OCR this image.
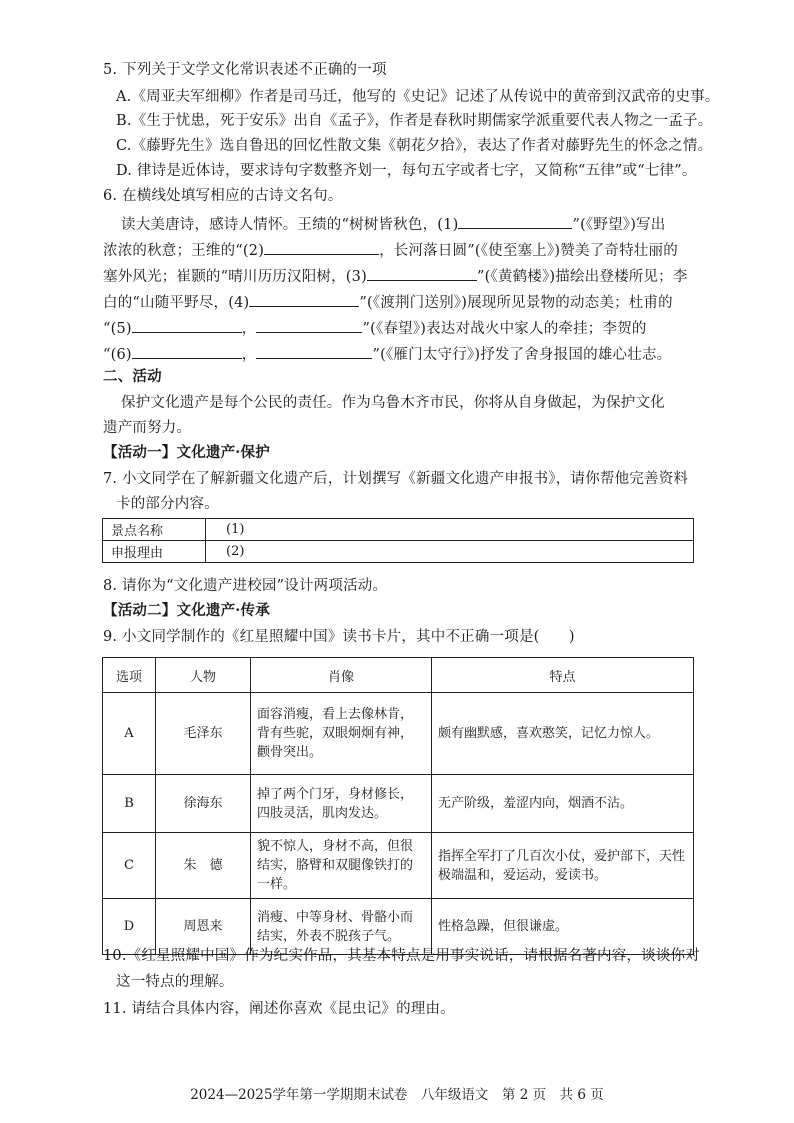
5. 下列关于文学文化常识表述不正确的一项
A.《周亚夫军细柳》作者是司马迁，他写的《史记》记述了从传说中的黄帝到汉武帝的史事。
B.《生于忧患，死于安乐》出自《孟子》，作者是春秋时期儒家学派重要代表人物之一孟子。
C.《藤野先生》选自鲁迅的回忆性散文集《朝花夕拾》，表达了作者对藤野先生的怀念之情。
D. 律诗是近体诗，要求诗句字数整齐划一，每句五字或者七字，又简称“五律”或“七律”。
6. 在横线处填写相应的古诗文名句。
读大美唐诗，感诗人情怀。王绩的“树树皆秋色，(1)	”(《野望》)写出
浓浓的秋意；王维的“(2)	，长河落日圆”(《使至塞上》)赞美了奇特壮丽的
塞外风光；崔颢的“晴川历历汉阳树，(3)	”(《黄鹤楼》)描绘出登楼所见；李
白的“山随平野尽，(4)	”(《渡荆门送别》)展现所见景物的动态美；杜甫的
“(5)	，	”(《春望》)表达对战火中家人的牵挂；李贺的
“(6)	，	”(《雁门太守行》)抒发了舍身报国的雄心壮志。
二、活动
保护文化遗产是每个公民的责任。作为乌鲁木齐市民，你将从自身做起，为保护文化
遗产而努力。
【活动一】文化遗产·保护
7. 小文同学在了解新疆文化遗产后，计划撰写《新疆文化遗产申报书》，请你帮他完善资料
卡的部分内容。
景点名称	(1)
申报理由	(2)
8. 请你为“文化遗产进校园”设计两项活动。
【活动二】文化遗产·传承
9. 小文同学制作的《红星照耀中国》读书卡片，其中不正确一项是(　　)
选项	人物	肖像	特点
A	毛泽东	面容消瘦，看上去像林肯，背有些驼，双眼炯炯有神，颧骨突出。	颇有幽默感，喜欢憨笑，记忆力惊人。
B	徐海东	掉了两个门牙，身材修长，四肢灵活，肌肉发达。	无产阶级，羞涩内向，烟酒不沾。
C	朱　德	貌不惊人，身材不高，但很结实，胳臂和双腿像铁打的一样。	指挥全军打了几百次小仗，爱护部下，天性极端温和，爱运动，爱读书。
D	周恩来	消瘦、中等身材、骨骼小而结实，外表不脱孩子气。	性格急躁，但很谦虚。
10.《红星照耀中国》作为纪实作品，其基本特点是用事实说话，请根据名著内容，谈谈你对
这一特点的理解。
11. 请结合具体内容，阐述你喜欢《昆虫记》的理由。
2024—2025学年第一学期期末试卷　八年级语文　第 2 页　共 6 页
